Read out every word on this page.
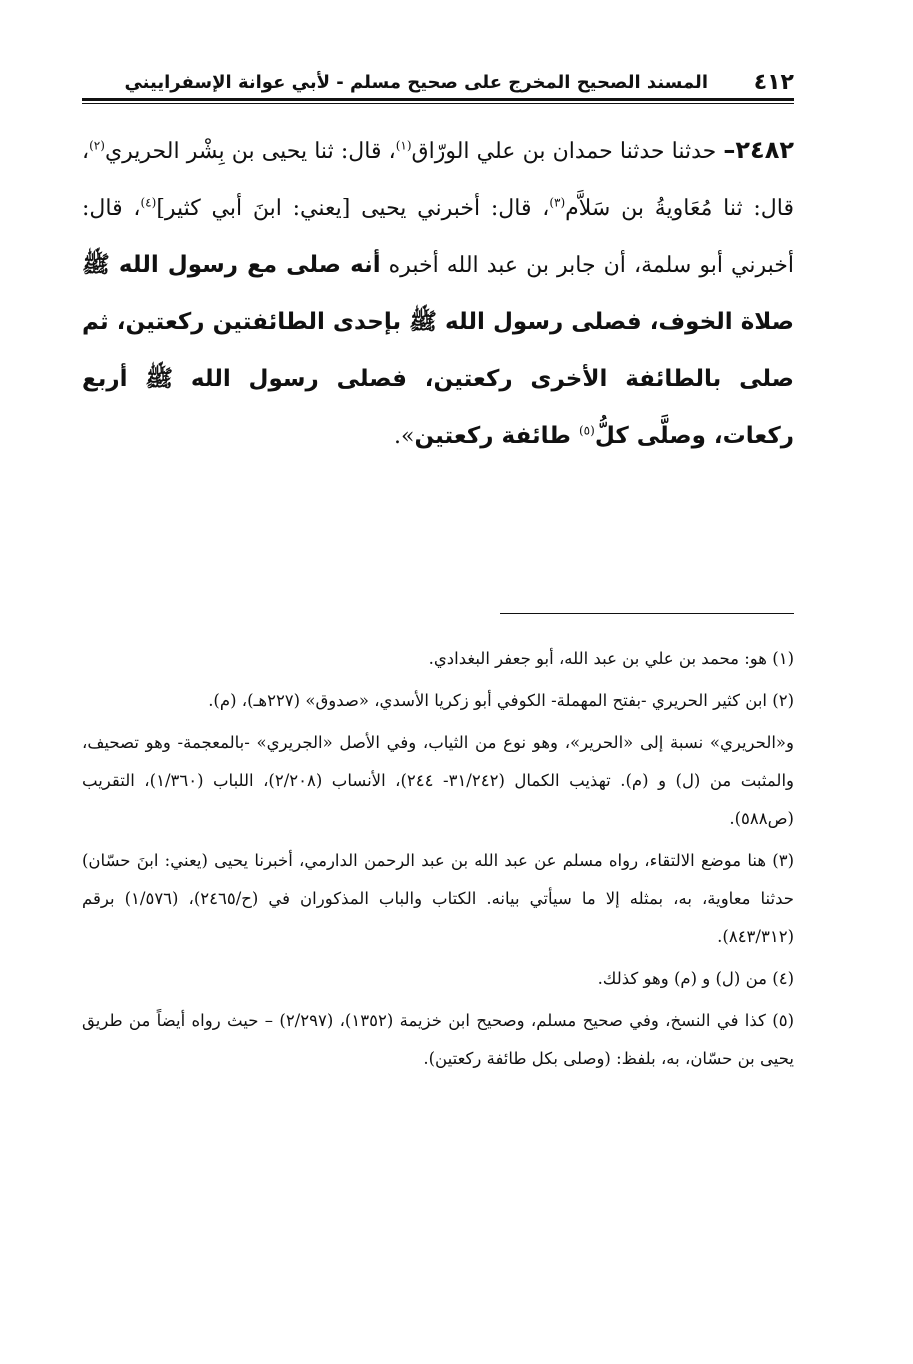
٤١٢
المسند الصحيح المخرج على صحيح مسلم - لأبي عوانة الإسفراييني
٢٤٨٢– حدثنا حدثنا حمدان بن علي الورّاق$^{(١)}$، قال: ثنا يحيى بن بِشْر الحريري$^{(٢)}$، قال: ثنا مُعَاويةُ بن سَلاَّم$^{(٣)}$، قال: أخبرني يحيى [يعني: ابنَ أبي كثير]$^{(٤)}$، قال: أخبرني أبو سلمة، أن جابر بن عبد الله أخبره أنه صلى مع رسول الله ﷺ صلاة الخوف، فصلى رسول الله ﷺ بإحدى الطائفتين ركعتين، ثم صلى بالطائفة الأخرى ركعتين، فصلى رسول الله ﷺ أربع ركعات، وصلَّى كلُّ$^{(٥)}$ طائفة ركعتين».

(١) هو: محمد بن علي بن عبد الله، أبو جعفر البغدادي.

(٢) ابن كثير الحريري -بفتح المهملة- الكوفي أبو زكريا الأسدي، «صدوق» (٢٢٧هـ)، (م).

و«الحريري» نسبة إلى «الحرير»، وهو نوع من الثياب، وفي الأصل «الجريري» -بالمعجمة- وهو تصحيف، والمثبت من (ل) و (م). تهذيب الكمال (٣١/٢٤٢- ٢٤٤)، الأنساب (٢/٢٠٨)، اللباب (١/٣٦٠)، التقريب (ص٥٨٨).

(٣) هنا موضع الالتقاء، رواه مسلم عن عبد الله بن عبد الرحمن الدارمي، أخبرنا يحيى (يعني: ابنَ حسّان) حدثنا معاوية، به، بمثله إلا ما سيأتي بيانه. الكتاب والباب المذكوران في (ح/٢٤٦٥)، (١/٥٧٦) برقم (٨٤٣/٣١٢).

(٤) من (ل) و (م) وهو كذلك.

(٥) كذا في النسخ، وفي صحيح مسلم، وصحيح ابن خزيمة (١٣٥٢)، (٢/٢٩٧) – حيث رواه أيضاً من طريق يحيى بن حسّان، به، بلفظ: (وصلى بكل طائفة ركعتين).
